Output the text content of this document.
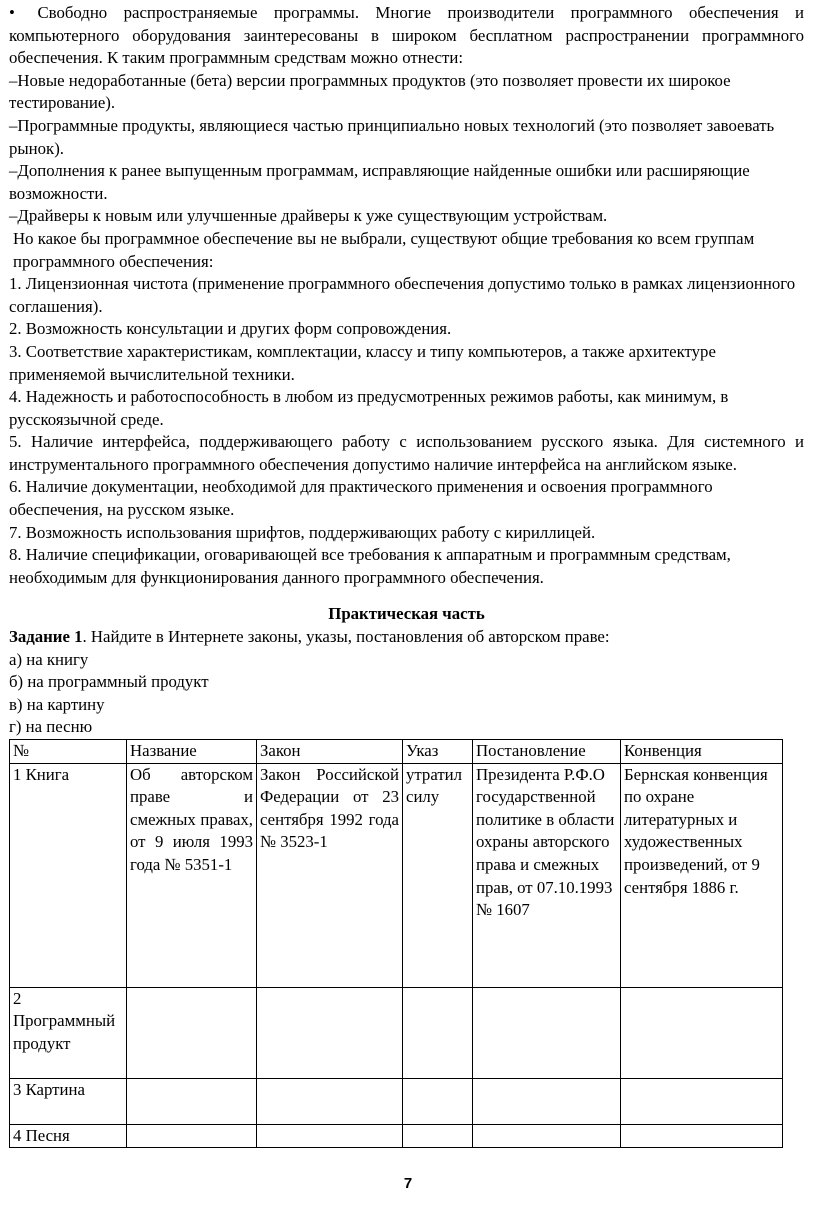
• Свободно распространяемые программы. Многие производители программного обеспечения и компьютерного оборудования заинтересованы в широком бесплатном распространении программного обеспечения. К таким программным средствам можно отнести:

–Новые недоработанные (бета) версии программных продуктов (это позволяет провести их широкое тестирование).

–Программные продукты, являющиеся частью принципиально новых технологий (это позволяет завоевать рынок).

–Дополнения к ранее выпущенным программам, исправляющие найденные ошибки или расширяющие возможности.

–Драйверы к новым или улучшенные драйверы к уже существующим устройствам.

Но какое бы программное обеспечение вы не выбрали, существуют общие требования ко всем группам программного обеспечения:

1. Лицензионная чистота (применение программного обеспечения допустимо только в рамках лицензионного соглашения).

2. Возможность консультации и других форм сопровождения.

3. Соответствие характеристикам, комплектации, классу и типу компьютеров, а также архитектуре применяемой вычислительной техники.

4. Надежность и работоспособность в любом из предусмотренных режимов работы, как минимум, в русскоязычной среде.

5. Наличие интерфейса, поддерживающего работу с использованием русского языка. Для системного и инструментального программного обеспечения допустимо наличие интерфейса на английском языке.

6. Наличие документации, необходимой для практического применения и освоения программного обеспечения, на русском языке.

7. Возможность использования шрифтов, поддерживающих работу с кириллицей.

8. Наличие спецификации, оговаривающей все требования к аппаратным и программным средствам, необходимым для функционирования данного программного обеспечения.

Практическая часть

Задание 1. Найдите в Интернете законы, указы, постановления об авторском праве:

а) на книгу

б) на программный продукт

в) на картину

г) на песню

№	Название	Закон	Указ	Постановление	Конвенция
1 Книга	Об авторском праве и смежных правах, от 9 июля 1993 года № 5351-1	Закон Российской Федерации от 23 сентября 1992 года № 3523-1	утратил силу	Президента Р.Ф.О государственной политике в области охраны авторского права и смежных прав, от 07.10.1993 № 1607	Бернская конвенция по охране литературных и художественных произведений, от 9 сентября 1886 г.
2 Программный продукт					
3 Картина					
4 Песня					
7
